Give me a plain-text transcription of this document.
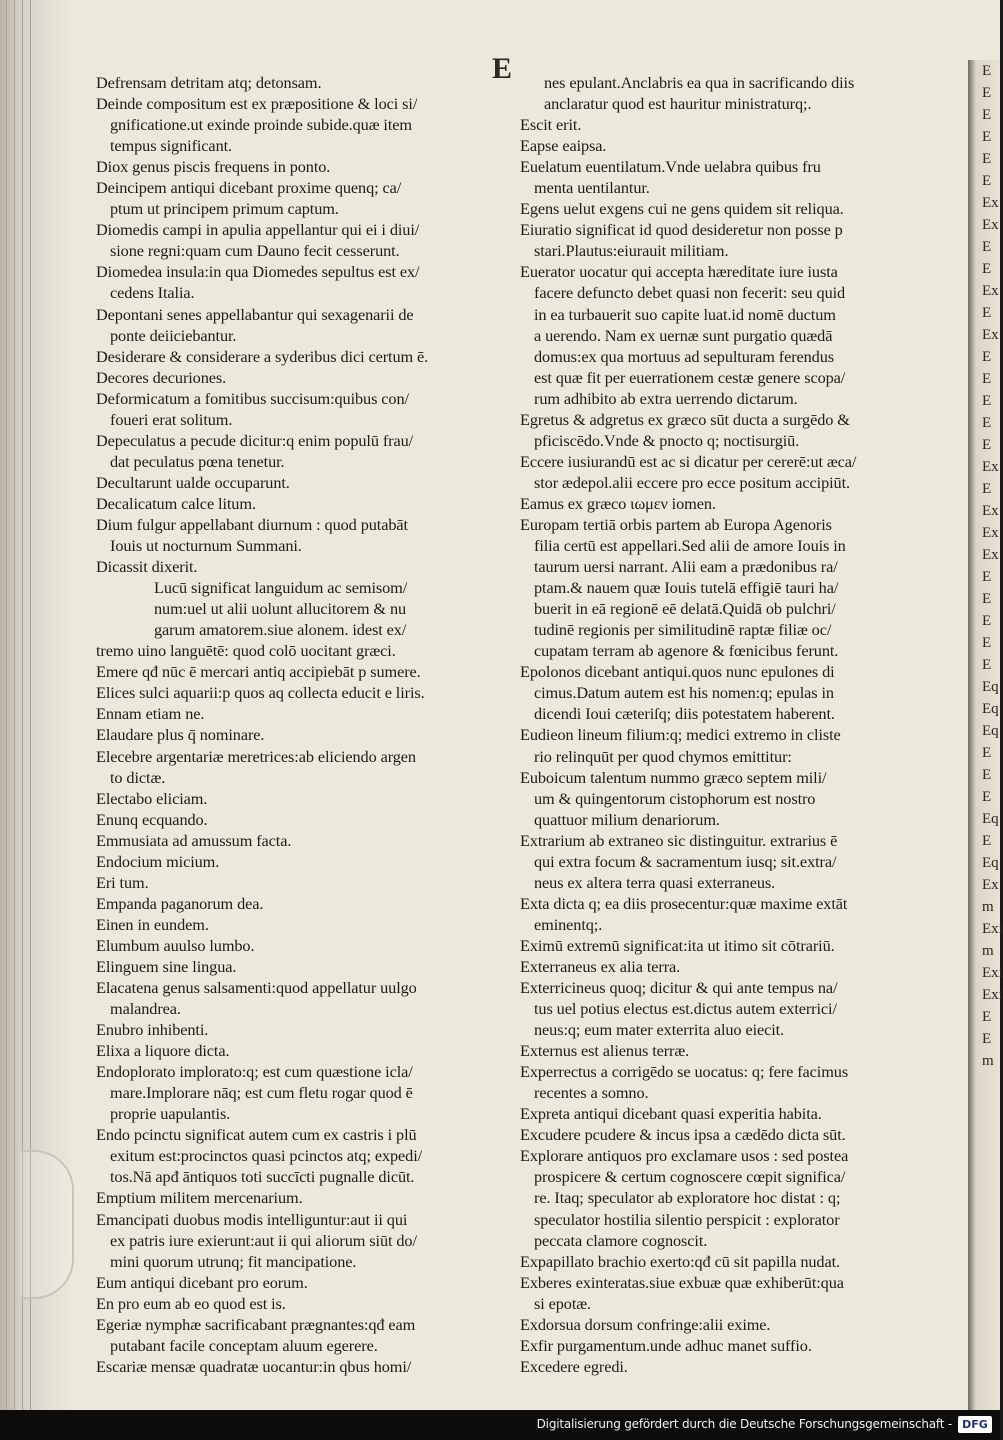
E
E
E
E
E
E
Ex
Ex
E
E
Ex
E
Ex
E
E
E
E
E
Ex
E
Ex
Ex
Ex
E
E
E
E
E
Eq
Eq
Eq
E
E
E
Eq
E
Eq
Ex
m
Exi
m
Exi
Exi
E
E
m
E
Defrensam detritam atq; detonsam.
Deinde compositum est ex præpositione & loci si/
gnificatione.ut exinde proinde subide.quæ item
tempus significant.
Diox genus piscis frequens in ponto.
Deincipem antiqui dicebant proxime quenq; ca/
ptum ut principem primum captum.
Diomedis campi in apulia appellantur qui ei i diui/
sione regni:quam cum Dauno fecit cesserunt.
Diomedea insula:in qua Diomedes sepultus est ex/
cedens Italia.
Depontani senes appellabantur qui sexagenarii de
ponte deiiciebantur.
Desiderare & considerare a syderibus dici certum ē.
Decores decuriones.
Deformicatum a fomitibus succisum:quibus con/
foueri erat solitum.
Depeculatus a pecude dicitur:q enim populū frau/
dat peculatus pœna tenetur.
Decultarunt ualde occuparunt.
Decalicatum calce litum.
Dium fulgur appellabant diurnum : quod putabāt
Iouis ut nocturnum Summani.
Dicassit dixerit.
Lucū significat languidum ac semisom/
num:uel ut alii uolunt allucitorem & nu
garum amatorem.siue alonem. idest ex/
tremo uino languētē: quod colō uocitant græci.
Emere qđ nūc ē mercari antiq accipiebāt p sumere.
Elices sulci aquarii:p quos aq collecta educit e liris.
Ennam etiam ne.
Elaudare plus q̄ nominare.
Elecebre argentariæ meretrices:ab eliciendo argen
to dictæ.
Electabo eliciam.
Enunq ecquando.
Emmusiata ad amussum facta.
Endocium micium.
Eri tum.
Empanda paganorum dea.
Einen in eundem.
Elumbum auulso lumbo.
Elinguem sine lingua.
Elacatena genus salsamenti:quod appellatur uulgo
malandrea.
Enubro inhibenti.
Elixa a liquore dicta.
Endoplorato implorato:q; est cum quæstione icla/
mare.Implorare nāq; est cum fletu rogar quod ē
proprie uapulantis.
Endo pcinctu significat autem cum ex castris i plū
exitum est:procinctos quasi pcinctos atq; expedi/
tos.Nā apđ āntiquos toti succīcti pugnalle dicūt.
Emptium militem mercenarium.
Emancipati duobus modis intelliguntur:aut ii qui
ex patris iure exierunt:aut ii qui aliorum siūt do/
mini quorum utrunq; fit mancipatione.
Eum antiqui dicebant pro eorum.
En pro eum ab eo quod est is.
Egeriæ nymphæ sacrificabant prægnantes:qđ eam
putabant facile conceptam aluum egerere.
Escariæ mensæ quadratæ uocantur:in qbus homi/
nes epulant.Anclabris ea qua in sacrificando diis
anclaratur quod est hauritur ministraturq;.
Escit erit.
Eapse eaipsa.
Euelatum euentilatum.Vnde uelabra quibus fru
menta uentilantur.
Egens uelut exgens cui ne gens quidem sit reliqua.
Eiuratio significat id quod desideretur non posse p
stari.Plautus:eiurauit militiam.
Euerator uocatur qui accepta hæreditate iure iusta
facere defuncto debet quasi non fecerit: seu quid
in ea turbauerit suo capite luat.id nomē ductum
a uerendo. Nam ex uernæ sunt purgatio quædā
domus:ex qua mortuus ad sepulturam ferendus
est quæ fit per euerrationem cestæ genere scopa/
rum adhibito ab extra uerrendo dictarum.
Egretus & adgretus ex græco sūt ducta a surgēdo &
pficiscēdo.Vnde & pnocto q; noctisurgiū.
Eccere iusiurandū est ac si dicatur per cererē:ut æca/
stor ædepol.alii eccere pro ecce positum accipiūt.
Eamus ex græco ιωμεν iomen.
Europam tertiā orbis partem ab Europa Agenoris
filia certū est appellari.Sed alii de amore Iouis in
taurum uersi narrant. Alii eam a prædonibus ra/
ptam.& nauem quæ Iouis tutelā effigiē tauri ha/
buerit in eā regionē eē delatā.Quidā ob pulchri/
tudinē regionis per similitudinē raptæ filiæ oc/
cupatam terram ab agenore & fœnicibus ferunt.
Epolonos dicebant antiqui.quos nunc epulones di
cimus.Datum autem est his nomen:q; epulas in
dicendi Ioui cæteriſq; diis potestatem haberent.
Eudieon lineum filium:q; medici extremo in cliste
rio relinquūt per quod chymos emittitur:
Euboicum talentum nummo græco septem mili/
um & quingentorum cistophorum est nostro
quattuor milium denariorum.
Extrarium ab extraneo sic distinguitur. extrarius ē
qui extra focum & sacramentum iusq; sit.extra/
neus ex altera terra quasi exterraneus.
Exta dicta q; ea diis prosecentur:quæ maxime extāt
eminentq;.
Eximū extremū significat:ita ut itimo sit cōtrariū.
Exterraneus ex alia terra.
Exterricineus quoq; dicitur & qui ante tempus na/
tus uel potius electus est.dictus autem exterrici/
neus:q; eum mater exterrita aluo eiecit.
Externus est alienus terræ.
Experrectus a corrigēdo se uocatus: q; fere facimus
recentes a somno.
Expreta antiqui dicebant quasi experitia habita.
Excudere pcudere & incus ipsa a cædēdo dicta sūt.
Explorare antiquos pro exclamare usos : sed postea
prospicere & certum cognoscere cœpit significa/
re. Itaq; speculator ab exploratore hoc distat : q;
speculator hostilia silentio perspicit : explorator
peccata clamore cognoscit.
Expapillato brachio exerto:qđ cū sit papilla nudat.
Exberes exinteratas.siue exbuæ quæ exhiberūt:qua
si epotæ.
Exdorsua dorsum confringe:alii exime.
Exfir purgamentum.unde adhuc manet suffio.
Excedere egredi.
Digitalisierung gefördert durch die Deutsche Forschungsgemeinschaft - DFG
